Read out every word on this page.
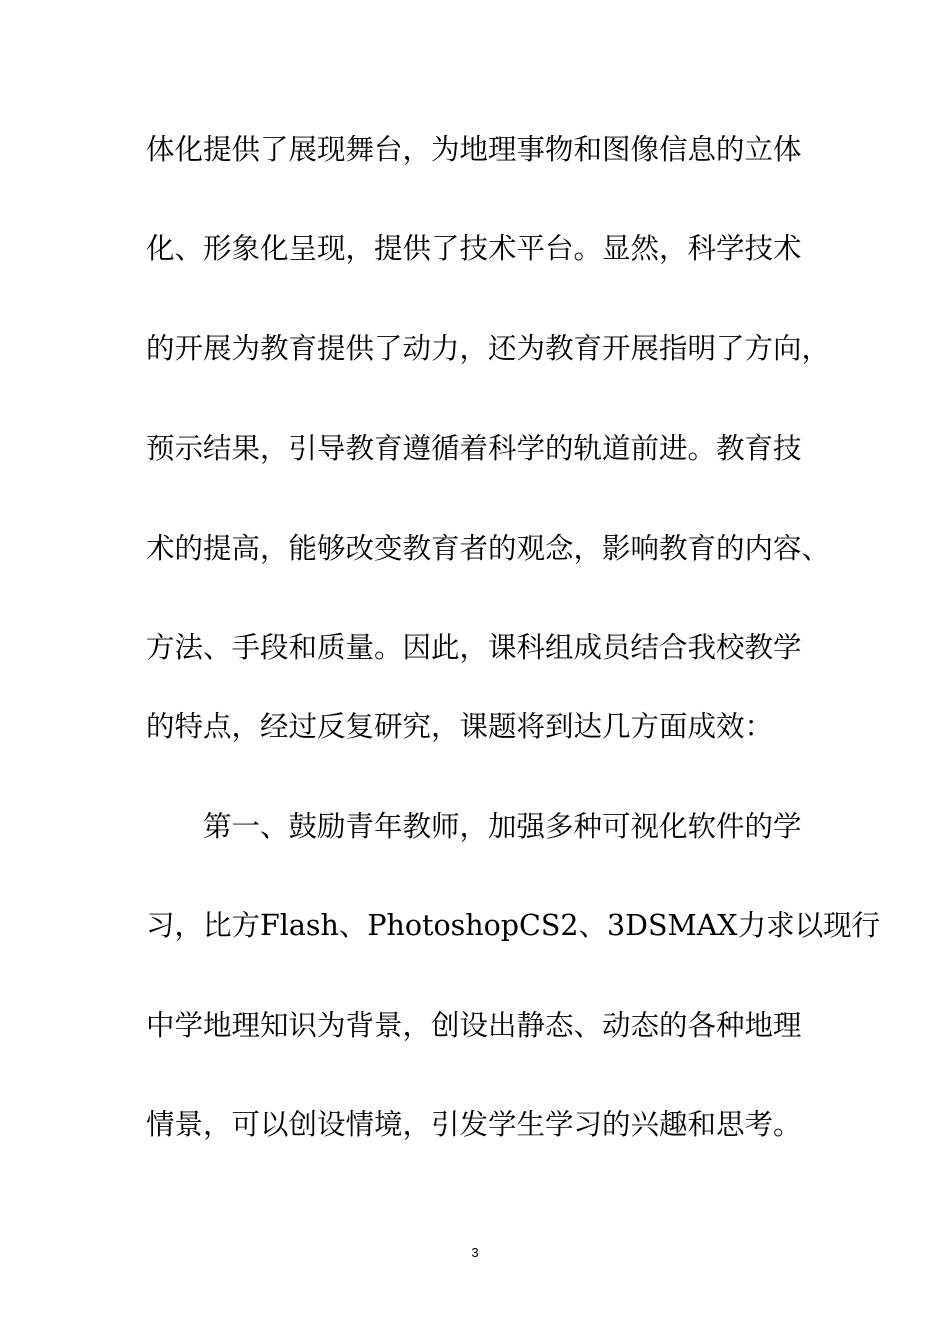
体化提供了展现舞台，为地理事物和图像信息的立体
化、形象化呈现，提供了技术平台。显然，科学技术
的开展为教育提供了动力，还为教育开展指明了方向，
预示结果，引导教育遵循着科学的轨道前进。教育技
术的提高，能够改变教育者的观念，影响教育的内容、
方法、手段和质量。因此，课科组成员结合我校教学
的特点，经过反复研究，课题将到达几方面成效：
第一、鼓励青年教师，加强多种可视化软件的学
习，比方Flash、PhotoshopCS2、3DSMAX力求以现行
中学地理知识为背景，创设出静态、动态的各种地理
情景，可以创设情境，引发学生学习的兴趣和思考。
3
